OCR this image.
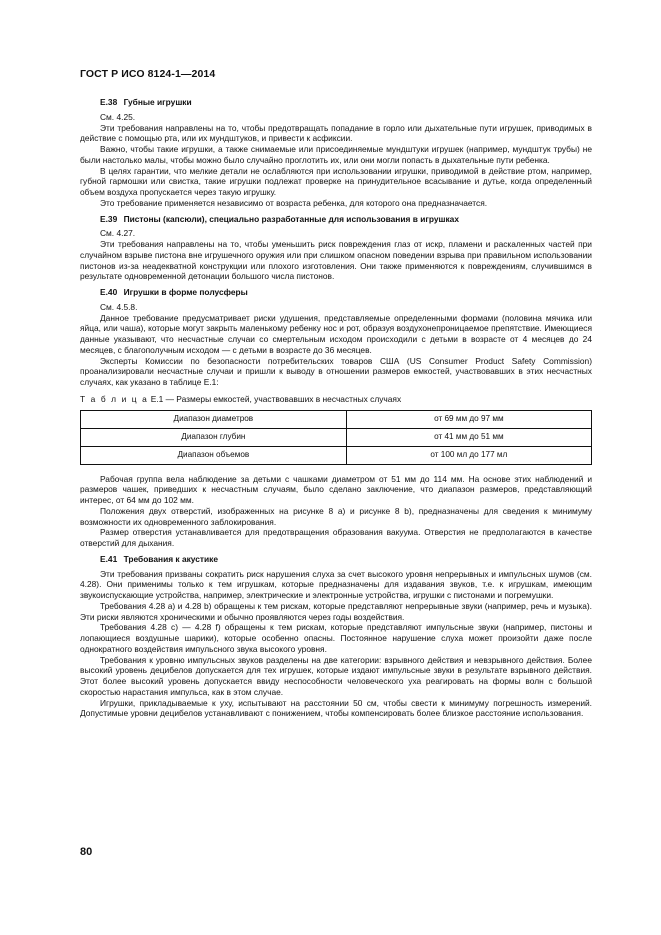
ГОСТ Р ИСО 8124-1—2014
Е.38 Губные игрушки

См. 4.25.

Эти требования направлены на то, чтобы предотвращать попадание в горло или дыхательные пути игрушек, приводимых в действие с помощью рта, или их мундштуков, и привести к асфиксии.

Важно, чтобы такие игрушки, а также снимаемые или присоединяемые мундштуки игрушек (например, мундштук трубы) не были настолько малы, чтобы можно было случайно проглотить их, или они могли попасть в дыхательные пути ребенка.

В целях гарантии, что мелкие детали не ослабляются при использовании игрушки, приводимой в действие ртом, например, губной гармошки или свистка, такие игрушки подлежат проверке на принудительное всасывание и дутье, когда определенный объем воздуха пропускается через такую игрушку.

Это требование применяется независимо от возраста ребенка, для которого она предназначается.

Е.39 Пистоны (капсюли), специально разработанные для использования в игрушках

См. 4.27.

Эти требования направлены на то, чтобы уменьшить риск повреждения глаз от искр, пламени и раскаленных частей при случайном взрыве пистона вне игрушечного оружия или при слишком опасном поведении взрыва при правильном использовании пистонов из-за неадекватной конструкции или плохого изготовления. Они также применяются к повреждениям, случившимся в результате одновременной детонации большого числа пистонов.

Е.40 Игрушки в форме полусферы

См. 4.5.8.

Данное требование предусматривает риски удушения, представляемые определенными формами (половина мячика или яйца, или чаша), которые могут закрыть маленькому ребенку нос и рот, образуя воздухонепроницаемое препятствие. Имеющиеся данные указывают, что несчастные случаи со смертельным исходом происходили с детьми в возрасте от 4 месяцев до 24 месяцев, с благополучным исходом — с детьми в возрасте до 36 месяцев.

Эксперты Комиссии по безопасности потребительских товаров США (US Consumer Product Safety Commission) проанализировали несчастные случаи и пришли к выводу в отношении размеров емкостей, участвовавших в этих несчастных случаях, как указано в таблице Е.1:

Т а б л и ц а Е.1 — Размеры емкостей, участвовавших в несчастных случаях
Диапазон диаметров	от 69 мм до 97 мм
Диапазон глубин	от 41 мм до 51 мм
Диапазон объемов	от 100 мл до 177 мл

Рабочая группа вела наблюдение за детьми с чашками диаметром от 51 мм до 114 мм. На основе этих наблюдений и размеров чашек, приведших к несчастным случаям, было сделано заключение, что диапазон размеров, представляющий интерес, от 64 мм до 102 мм.

Положения двух отверстий, изображенных на рисунке 8 а) и рисунке 8 b), предназначены для сведения к минимуму возможности их одновременного заблокирования.

Размер отверстия устанавливается для предотвращения образования вакуума. Отверстия не предполагаются в качестве отверстий для дыхания.

Е.41 Требования к акустике

Эти требования призваны сократить риск нарушения слуха за счет высокого уровня непрерывных и импульсных шумов (см. 4.28). Они применимы только к тем игрушкам, которые предназначены для издавания звуков, т.е. к игрушкам, имеющим звукоиспускающие устройства, например, электрические и электронные устройства, игрушки с пистонами и погремушки.

Требования 4.28 а) и 4.28 b) обращены к тем рискам, которые представляют непрерывные звуки (например, речь и музыка). Эти риски являются хроническими и обычно проявляются через годы воздействия.

Требования 4.28 с) — 4.28 f) обращены к тем рискам, которые представляют импульсные звуки (например, пистоны и лопающиеся воздушные шарики), которые особенно опасны. Постоянное нарушение слуха может произойти даже после однократного воздействия импульсного звука высокого уровня.

Требования к уровню импульсных звуков разделены на две категории: взрывного действия и невзрывного действия. Более высокий уровень децибелов допускается для тех игрушек, которые издают импульсные звуки в результате взрывного действия. Этот более высокий уровень допускается ввиду неспособности человеческого уха реагировать на формы волн с большой скоростью нарастания импульса, как в этом случае.

Игрушки, прикладываемые к уху, испытывают на расстоянии 50 см, чтобы свести к минимуму погрешность измерений. Допустимые уровни децибелов устанавливают с понижением, чтобы компенсировать более близкое расстояние использования.

80
